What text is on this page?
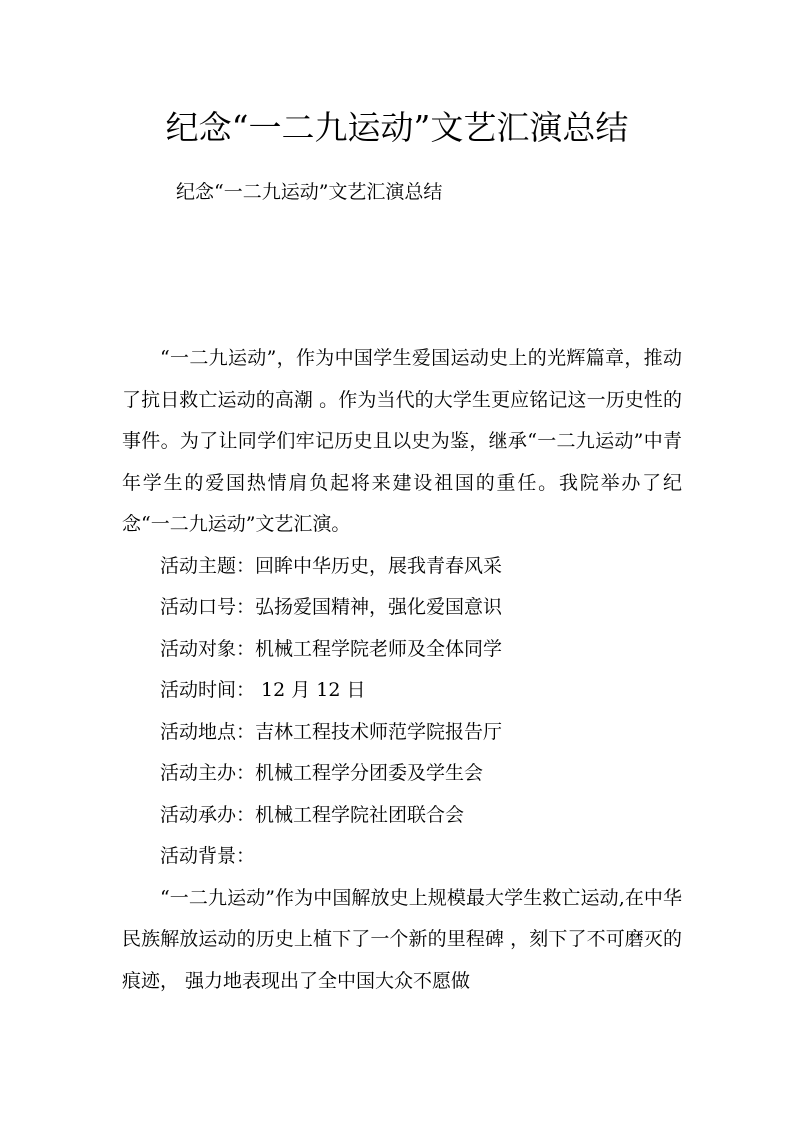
纪念“一二九运动”文艺汇演总结

纪念“一二九运动”文艺汇演总结

“一二九运动”，作为中国学生爱国运动史上的光辉篇章，推动了抗日救亡运动的高潮 。作为当代的大学生更应铭记这一历史性的事件。为了让同学们牢记历史且以史为鉴，继承“一二九运动”中青年学生的爱国热情肩负起将来建设祖国的重任。我院举办了纪念“一二九运动”文艺汇演。

活动主题：回眸中华历史，展我青春风采

活动口号：弘扬爱国精神，强化爱国意识

活动对象：机械工程学院老师及全体同学

活动时间： 12 月 12 日

活动地点：吉林工程技术师范学院报告厅

活动主办：机械工程学分团委及学生会

活动承办：机械工程学院社团联合会

活动背景：

“一二九运动”作为中国解放史上规模最大学生救亡运动,在中华民族解放运动的历史上植下了一个新的里程碑 ，刻下了不可磨灭的痕迹， 强力地表现出了全中国大众不愿做
